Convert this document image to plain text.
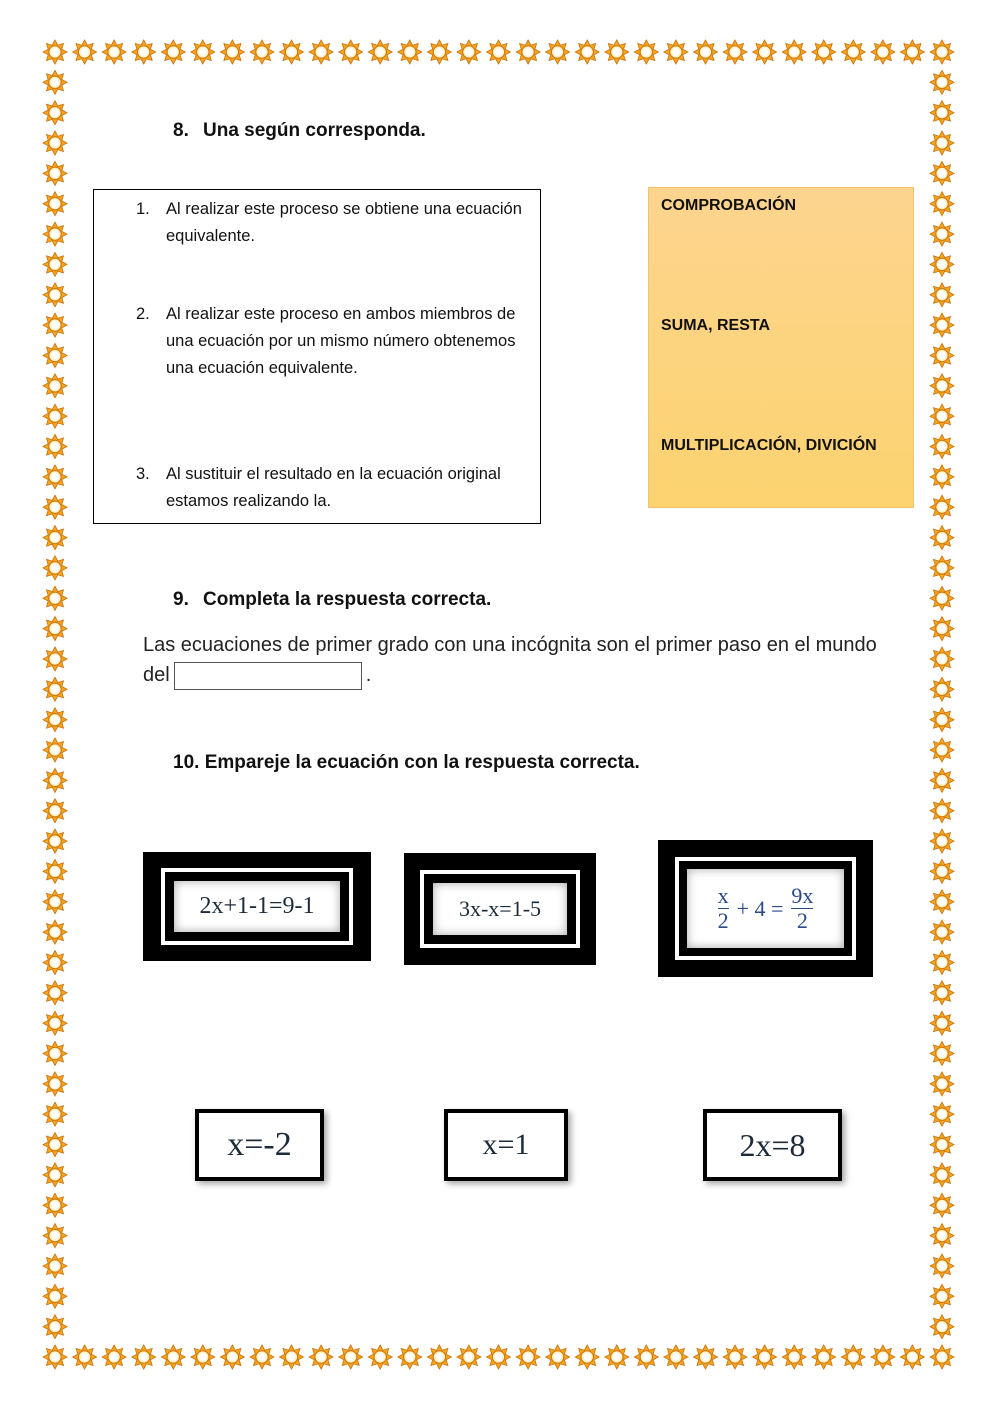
8. Una según corresponda.
1. Al realizar este proceso se obtiene una ecuación equivalente.
2. Al realizar este proceso en ambos miembros de una ecuación por un mismo número obtenemos una ecuación equivalente.
3. Al sustituir el resultado en la ecuación original estamos realizando la.
COMPROBACIÓN
SUMA, RESTA
MULTIPLICACIÓN, DIVICIÓN
9. Completa la respuesta correcta.
Las ecuaciones de primer grado con una incógnita son el primer paso en el mundo del	.
10. Empareje la ecuación con la respuesta correcta.
2x+1-1=9-1	3x-x=1-5	$\frac{x}{2} + 4 = \frac{9x}{2}$
x=-2	x=1	2x=8
